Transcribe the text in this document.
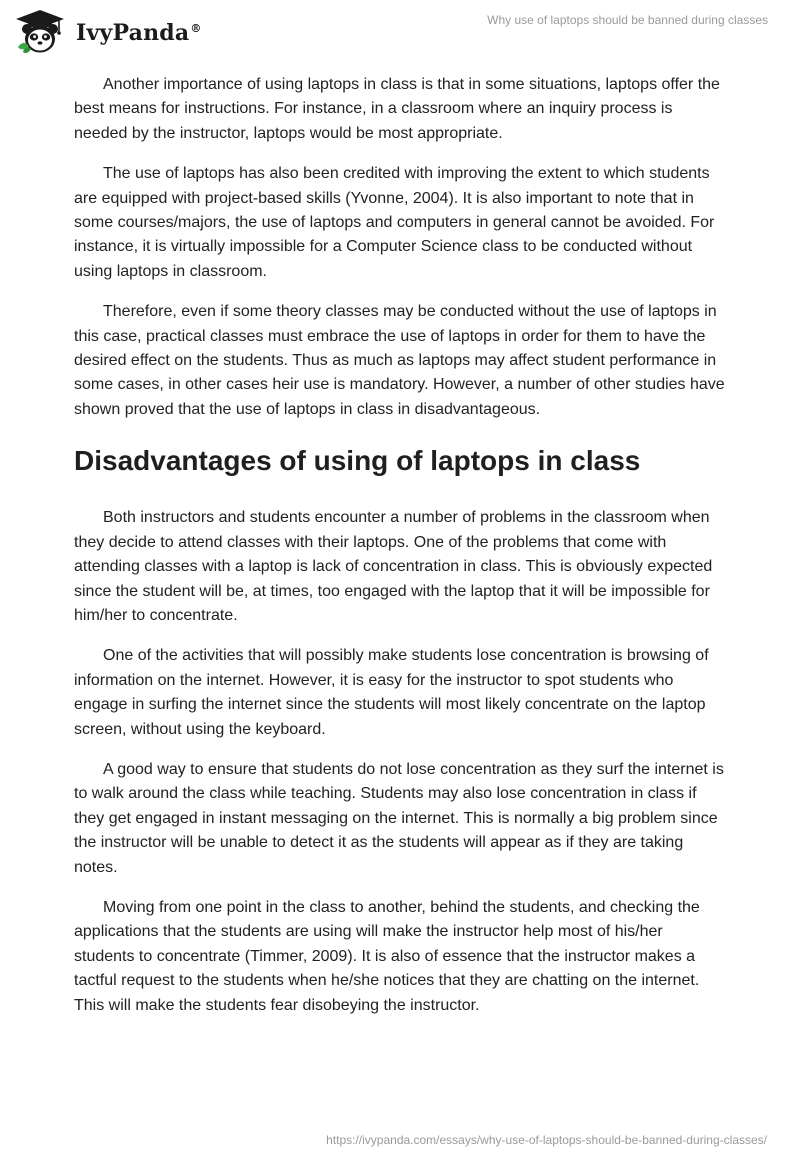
IvyPanda®
Why use of laptops should be banned during classes

Another importance of using laptops in class is that in some situations, laptops offer the best means for instructions. For instance, in a classroom where an inquiry process is needed by the instructor, laptops would be most appropriate.

The use of laptops has also been credited with improving the extent to which students are equipped with project-based skills (Yvonne, 2004). It is also important to note that in some courses/majors, the use of laptops and computers in general cannot be avoided. For instance, it is virtually impossible for a Computer Science class to be conducted without using laptops in classroom.

Therefore, even if some theory classes may be conducted without the use of laptops in this case, practical classes must embrace the use of laptops in order for them to have the desired effect on the students. Thus as much as laptops may affect student performance in some cases, in other cases heir use is mandatory. However, a number of other studies have shown proved that the use of laptops in class in disadvantageous.

Disadvantages of using of laptops in class

Both instructors and students encounter a number of problems in the classroom when they decide to attend classes with their laptops. One of the problems that come with attending classes with a laptop is lack of concentration in class. This is obviously expected since the student will be, at times, too engaged with the laptop that it will be impossible for him/her to concentrate.

One of the activities that will possibly make students lose concentration is browsing of information on the internet. However, it is easy for the instructor to spot students who engage in surfing the internet since the students will most likely concentrate on the laptop screen, without using the keyboard.

A good way to ensure that students do not lose concentration as they surf the internet is to walk around the class while teaching. Students may also lose concentration in class if they get engaged in instant messaging on the internet. This is normally a big problem since the instructor will be unable to detect it as the students will appear as if they are taking notes.

Moving from one point in the class to another, behind the students, and checking the applications that the students are using will make the instructor help most of his/her students to concentrate (Timmer, 2009). It is also of essence that the instructor makes a tactful request to the students when he/she notices that they are chatting on the internet. This will make the students fear disobeying the instructor.

https://ivypanda.com/essays/why-use-of-laptops-should-be-banned-during-classes/
